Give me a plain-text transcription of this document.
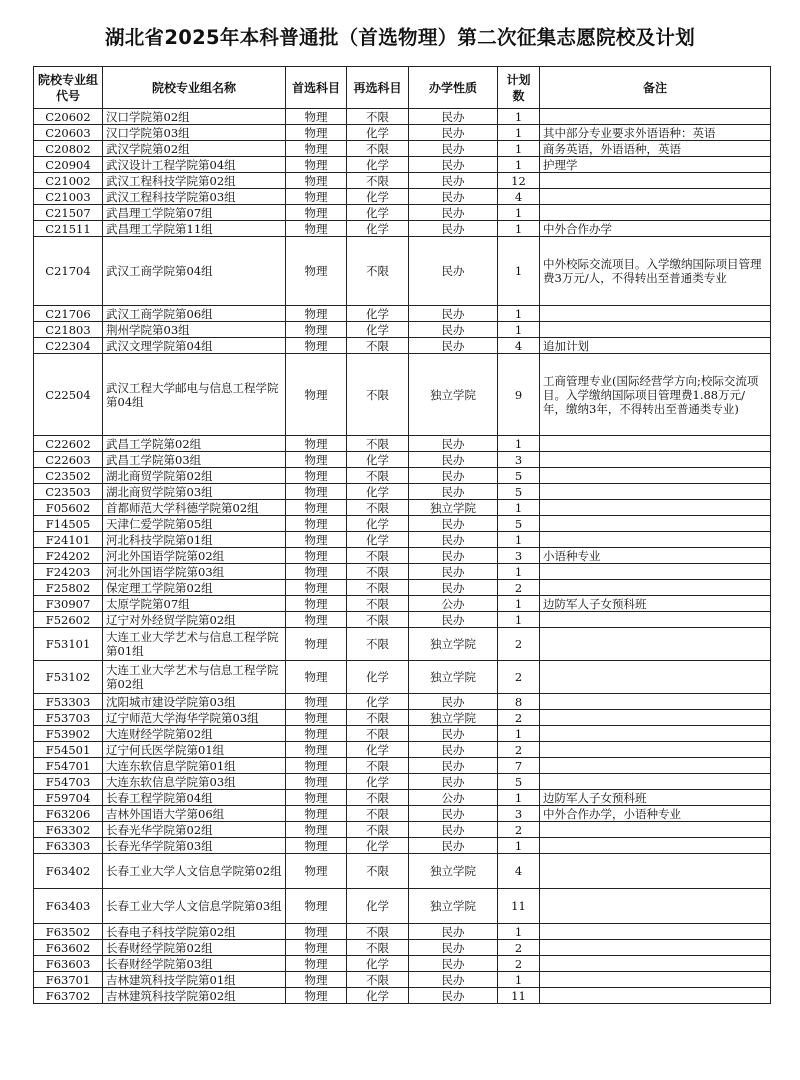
湖北省2025年本科普通批（首选物理）第二次征集志愿院校及计划
院校专业组代号	院校专业组名称	首选科目	再选科目	办学性质	计划数	备注
C20602	汉口学院第02组	物理	不限	民办	1	
C20603	汉口学院第03组	物理	化学	民办	1	其中部分专业要求外语语种：英语
C20802	武汉学院第02组	物理	不限	民办	1	商务英语，外语语种，英语
C20904	武汉设计工程学院第04组	物理	化学	民办	1	护理学
C21002	武汉工程科技学院第02组	物理	不限	民办	12	
C21003	武汉工程科技学院第03组	物理	化学	民办	4	
C21507	武昌理工学院第07组	物理	化学	民办	1	
C21511	武昌理工学院第11组	物理	化学	民办	1	中外合作办学
C21704	武汉工商学院第04组	物理	不限	民办	1	中外校际交流项目。入学缴纳国际项目管理费3万元/人，不得转出至普通类专业
C21706	武汉工商学院第06组	物理	化学	民办	1	
C21803	荆州学院第03组	物理	化学	民办	1	
C22304	武汉文理学院第04组	物理	不限	民办	4	追加计划
C22504	武汉工程大学邮电与信息工程学院第04组	物理	不限	独立学院	9	工商管理专业(国际经营学方向;校际交流项目。入学缴纳国际项目管理费1.88万元/年，缴纳3年，不得转出至普通类专业)
C22602	武昌工学院第02组	物理	不限	民办	1	
C22603	武昌工学院第03组	物理	化学	民办	3	
C23502	湖北商贸学院第02组	物理	不限	民办	5	
C23503	湖北商贸学院第03组	物理	化学	民办	5	
F05602	首都师范大学科德学院第02组	物理	不限	独立学院	1	
F14505	天津仁爱学院第05组	物理	化学	民办	5	
F24101	河北科技学院第01组	物理	化学	民办	1	
F24202	河北外国语学院第02组	物理	不限	民办	3	小语种专业
F24203	河北外国语学院第03组	物理	不限	民办	1	
F25802	保定理工学院第02组	物理	不限	民办	2	
F30907	太原学院第07组	物理	不限	公办	1	边防军人子女预科班
F52602	辽宁对外经贸学院第02组	物理	不限	民办	1	
F53101	大连工业大学艺术与信息工程学院第01组	物理	不限	独立学院	2	
F53102	大连工业大学艺术与信息工程学院第02组	物理	化学	独立学院	2	
F53303	沈阳城市建设学院第03组	物理	化学	民办	8	
F53703	辽宁师范大学海华学院第03组	物理	不限	独立学院	2	
F53902	大连财经学院第02组	物理	不限	民办	1	
F54501	辽宁何氏医学院第01组	物理	化学	民办	2	
F54701	大连东软信息学院第01组	物理	不限	民办	7	
F54703	大连东软信息学院第03组	物理	化学	民办	5	
F59704	长春工程学院第04组	物理	不限	公办	1	边防军人子女预科班
F63206	吉林外国语大学第06组	物理	不限	民办	3	中外合作办学，小语种专业
F63302	长春光华学院第02组	物理	不限	民办	2	
F63303	长春光华学院第03组	物理	化学	民办	1	
F63402	长春工业大学人文信息学院第02组	物理	不限	独立学院	4	
F63403	长春工业大学人文信息学院第03组	物理	化学	独立学院	11	
F63502	长春电子科技学院第02组	物理	不限	民办	1	
F63602	长春财经学院第02组	物理	不限	民办	2	
F63603	长春财经学院第03组	物理	化学	民办	2	
F63701	吉林建筑科技学院第01组	物理	不限	民办	1	
F63702	吉林建筑科技学院第02组	物理	化学	民办	11	
